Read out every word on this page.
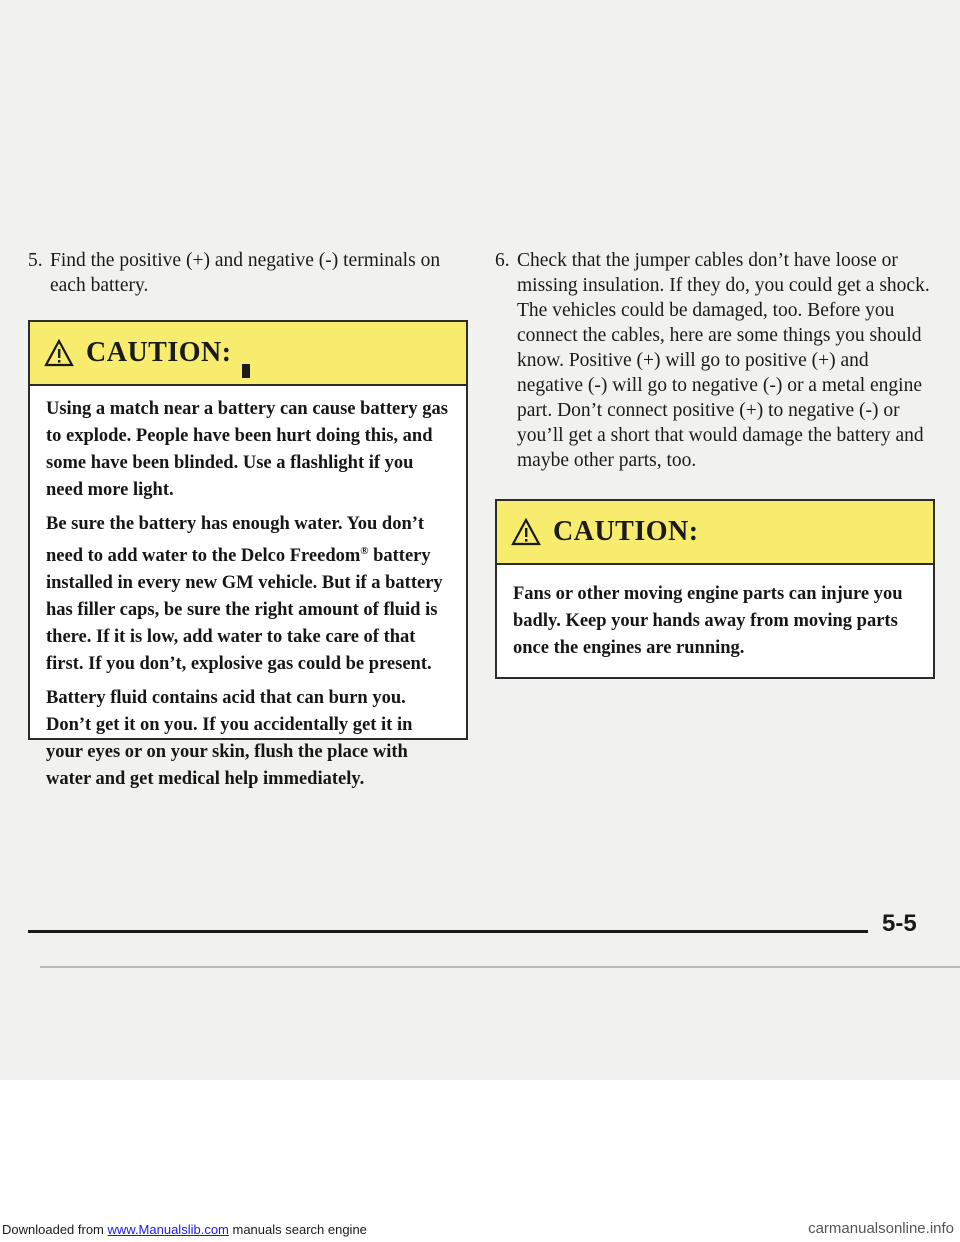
5. Find the positive (+) and negative (-) terminals on each battery.
CAUTION:

Using a match near a battery can cause battery gas to explode. People have been hurt doing this, and some have been blinded. Use a flashlight if you need more light.

Be sure the battery has enough water. You don’t need to add water to the Delco Freedom® battery installed in every new GM vehicle. But if a battery has filler caps, be sure the right amount of fluid is there. If it is low, add water to take care of that first. If you don’t, explosive gas could be present.

Battery fluid contains acid that can burn you. Don’t get it on you. If you accidentally get it in your eyes or on your skin, flush the place with water and get medical help immediately.

6. Check that the jumper cables don’t have loose or missing insulation. If they do, you could get a shock. The vehicles could be damaged, too. Before you connect the cables, here are some things you should know. Positive (+) will go to positive (+) and negative (-) will go to negative (-) or a metal engine part. Don’t connect positive (+) to negative (-) or you’ll get a short that would damage the battery and maybe other parts, too.
CAUTION:

Fans or other moving engine parts can injure you badly. Keep your hands away from moving parts once the engines are running.

5-5
Downloaded from www.Manualslib.com manuals search engine	carmanualsonline.info
